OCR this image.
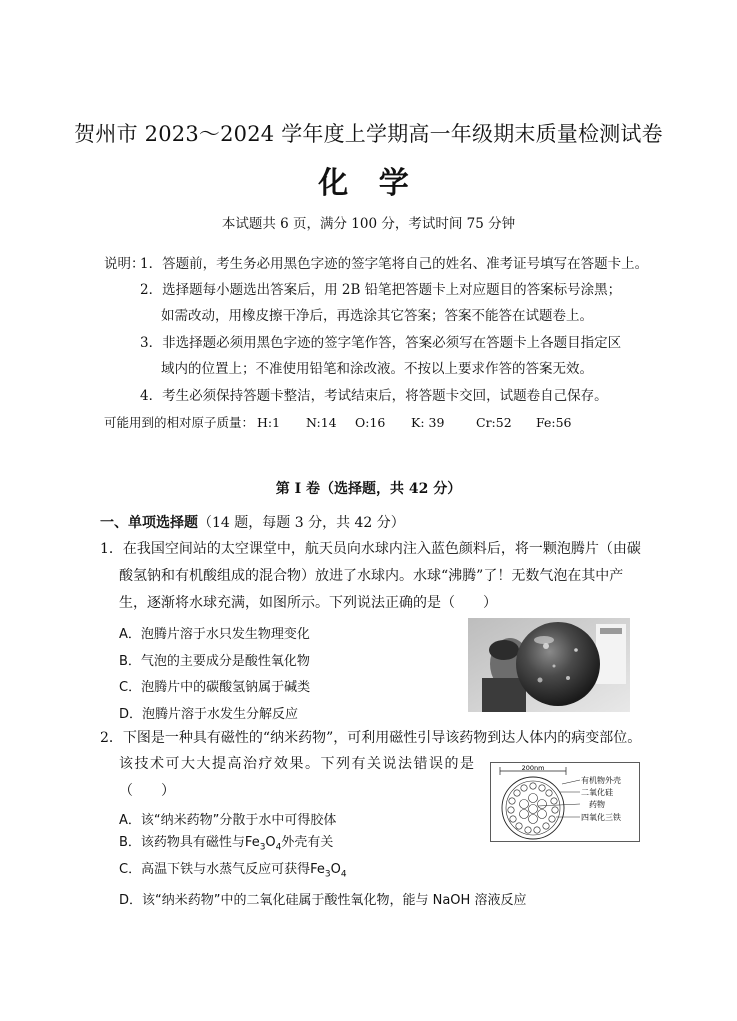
贺州市 2023～2024 学年度上学期高一年级期末质量检测试卷
化 学
本试题共 6 页，满分 100 分，考试时间 75 分钟
说明：
1．答题前，考生务必用黑色字迹的签字笔将自己的姓名、准考证号填写在答题卡上。
2．选择题每小题选出答案后，用 2B 铅笔把答题卡上对应题目的答案标号涂黑；
如需改动，用橡皮擦干净后，再选涂其它答案；答案不能答在试题卷上。
3．非选择题必须用黑色字迹的签字笔作答，答案必须写在答题卡上各题目指定区
域内的位置上；不准使用铅笔和涂改液。不按以上要求作答的答案无效。
4．考生必须保持答题卡整洁，考试结束后，将答题卡交回，试题卷自己保存。
可能用到的相对原子质量： H:1 N:14 O:16 K: 39	Cr:52 Fe:56
第 I 卷（选择题，共 42 分）
一、单项选择题（14 题，每题 3 分，共 42 分）
1．在我国空间站的太空课堂中，航天员向水球内注入蓝色颜料后，将一颗泡腾片（由碳
酸氢钠和有机酸组成的混合物）放进了水球内。水球“沸腾”了！无数气泡在其中产
生，逐渐将水球充满，如图所示。下列说法正确的是（　　）
A．泡腾片溶于水只发生物理变化
B．气泡的主要成分是酸性氧化物
C．泡腾片中的碳酸氢钠属于碱类
D．泡腾片溶于水发生分解反应
2．下图是一种具有磁性的“纳米药物”，可利用磁性引导该药物到达人体内的病变部位。
该技术可大大提高治疗效果。下列有关说法错误的是
（　　）
A．该“纳米药物”分散于水中可得胶体
B．该药物具有磁性与$Fe_3O_4$外壳有关
C．高温下铁与水蒸气反应可获得$Fe_3O_4$
D．该“纳米药物”中的二氧化硅属于酸性氧化物，能与 NaOH 溶液反应
200nm
有机物外壳
二氧化硅
药物
四氧化三铁
